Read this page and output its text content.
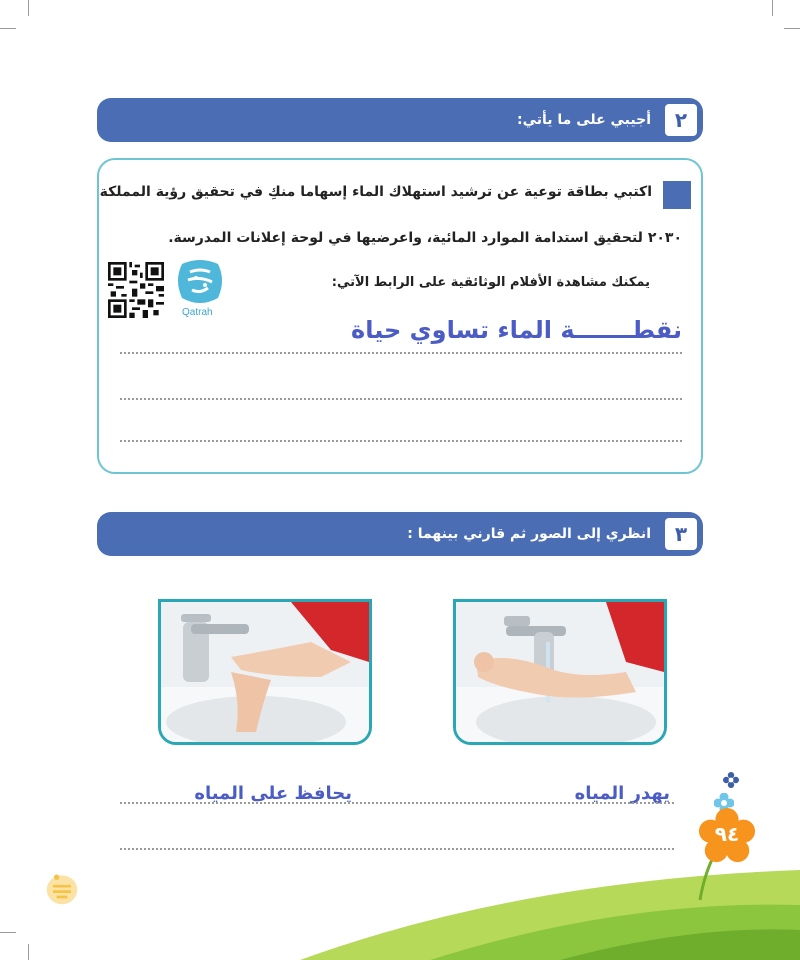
٢
أجيبي على ما يأتي:
اكتبي بطاقة توعية عن ترشيد استهلاك الماء إسهاما منكِ في تحقيق رؤية المملكة
٢٠٣٠ لتحقيق استدامة الموارد المائية، واعرضيها في لوحة إعلانات المدرسة.
يمكنك مشاهدة الأفلام الوثائقية على الرابط الآتي:
Qatrah
نقطـــــــة الماء تساوي حياة
٣
انظري إلى الصور ثم قارني بينهما :
يهدر المياه
يحافظ على المياه
٩٤
